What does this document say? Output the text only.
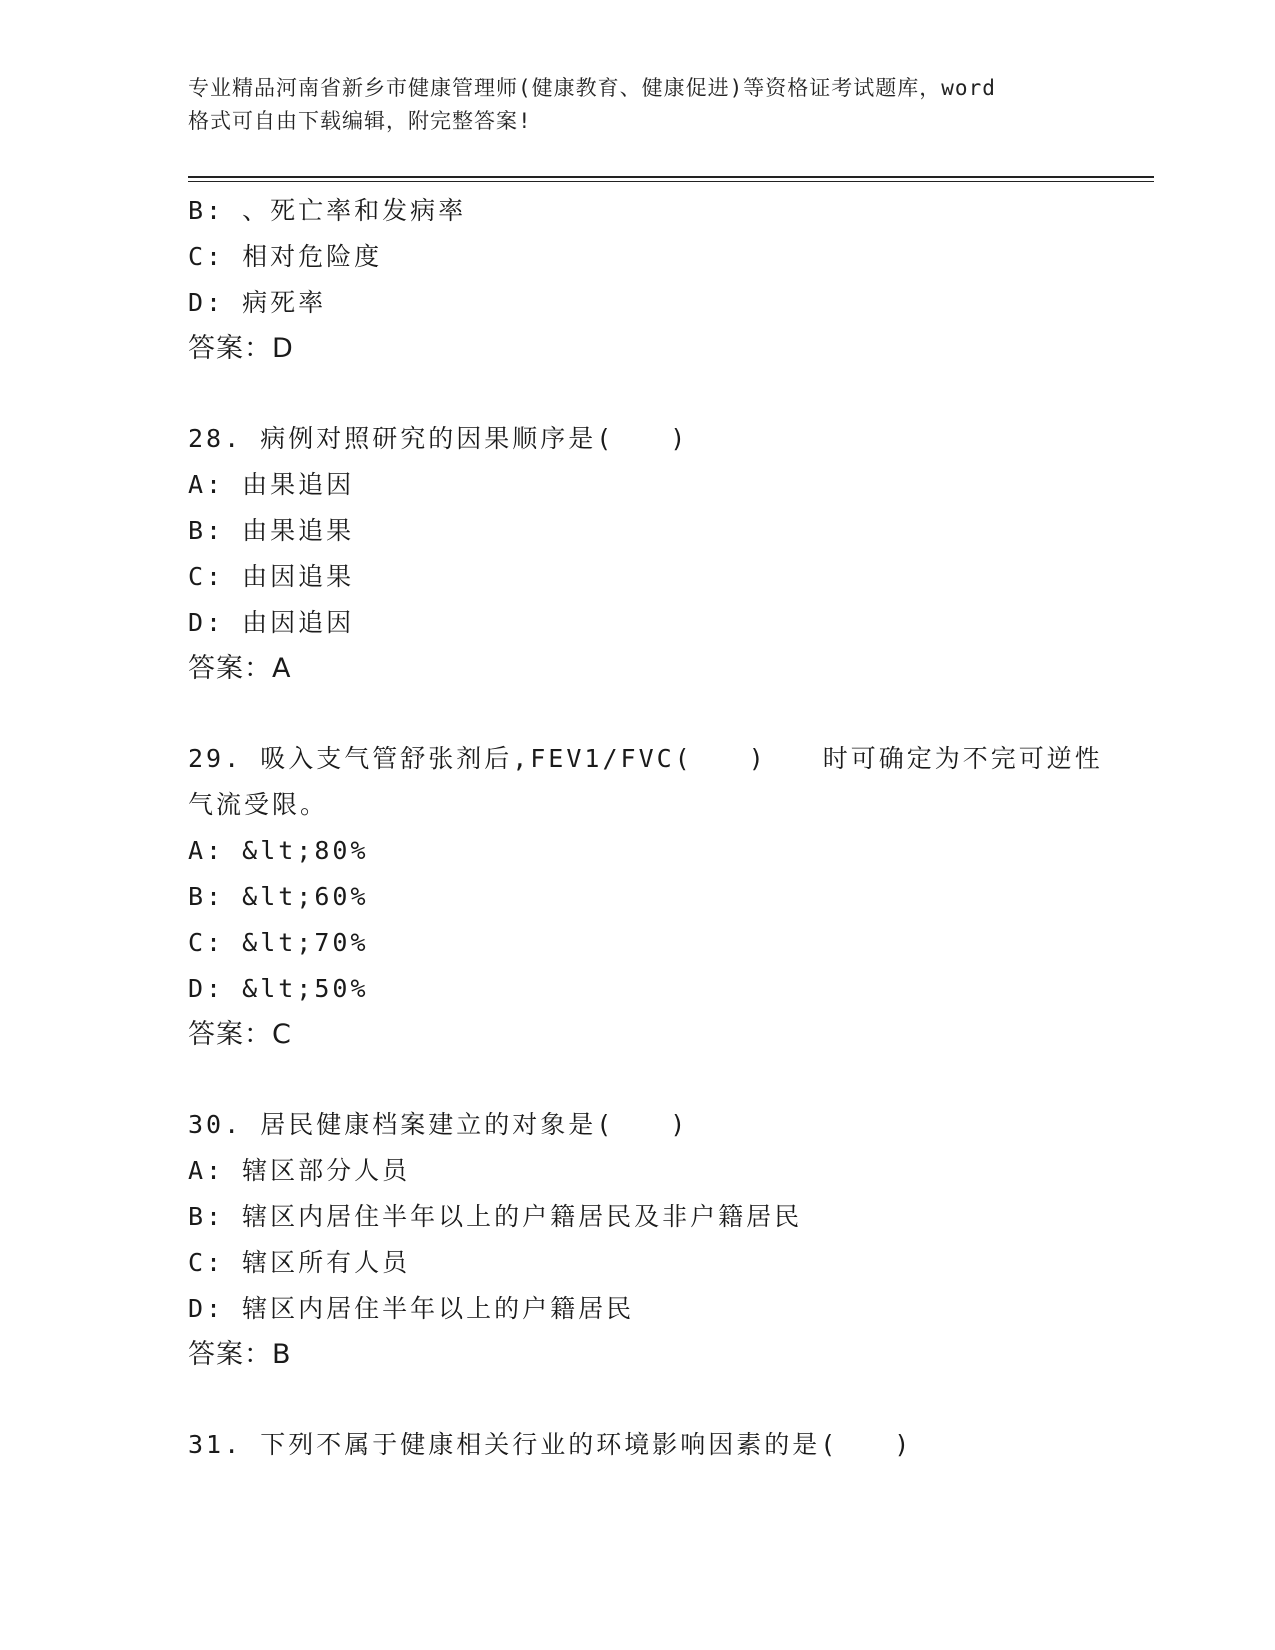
专业精品河南省新乡市健康管理师(健康教育、健康促进)等资格证考试题库，word
格式可自由下载编辑，附完整答案!
B: 、死亡率和发病率
C: 相对危险度
D: 病死率
答案：D
28. 病例对照研究的因果顺序是(　　)
A: 由果追因
B: 由果追果
C: 由因追果
D: 由因追因
答案：A
29. 吸入支气管舒张剂后,FEV1/FVC(　　)　　时可确定为不完可逆性
气流受限。
A: &lt;80%
B: &lt;60%
C: &lt;70%
D: &lt;50%
答案：C
30. 居民健康档案建立的对象是(　　)
A: 辖区部分人员
B: 辖区内居住半年以上的户籍居民及非户籍居民
C: 辖区所有人员
D: 辖区内居住半年以上的户籍居民
答案：B
31. 下列不属于健康相关行业的环境影响因素的是(　　)
